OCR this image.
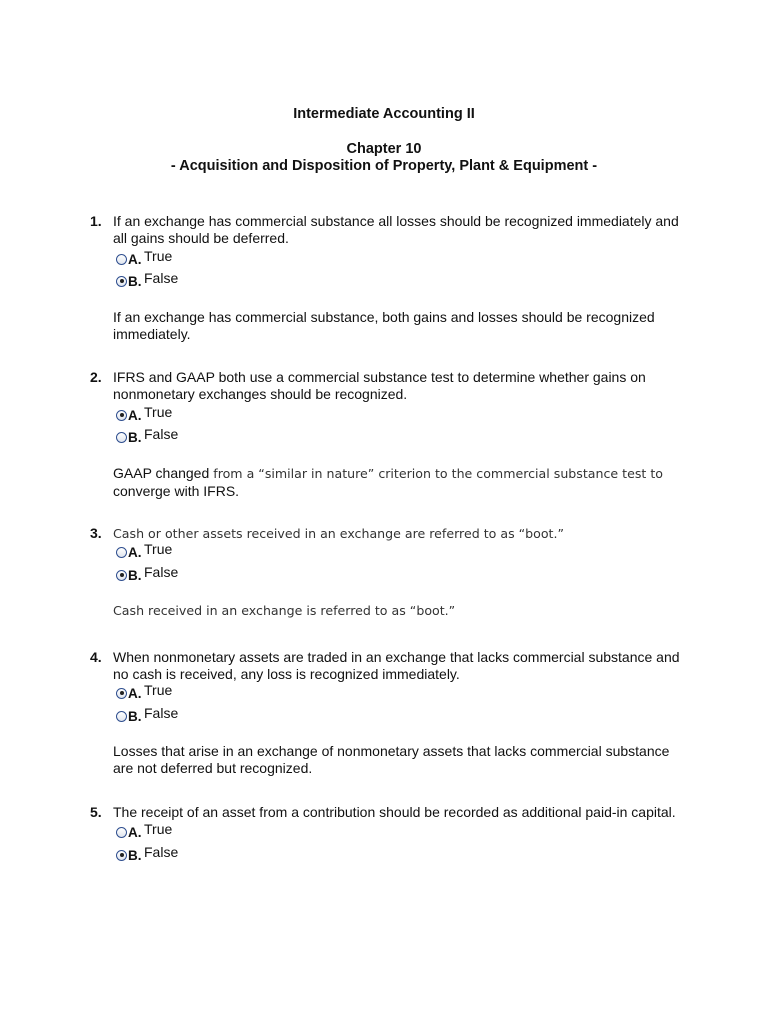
Intermediate Accounting II
Chapter 10
- Acquisition and Disposition of Property, Plant & Equipment -
1. If an exchange has commercial substance all losses should be recognized immediately and all gains should be deferred.
A. True
B. False
If an exchange has commercial substance, both gains and losses should be recognized immediately.
2. IFRS and GAAP both use a commercial substance test to determine whether gains on nonmonetary exchanges should be recognized.
A. True
B. False
GAAP changed from a “similar in nature” criterion to the commercial substance test to
converge with IFRS.
3. Cash or other assets received in an exchange are referred to as “boot.”
A. True
B. False
Cash received in an exchange is referred to as “boot.”
4. When nonmonetary assets are traded in an exchange that lacks commercial substance and no cash is received, any loss is recognized immediately.
A. True
B. False
Losses that arise in an exchange of nonmonetary assets that lacks commercial substance are not deferred but recognized.
5. The receipt of an asset from a contribution should be recorded as additional paid-in capital.
A. True
B. False
